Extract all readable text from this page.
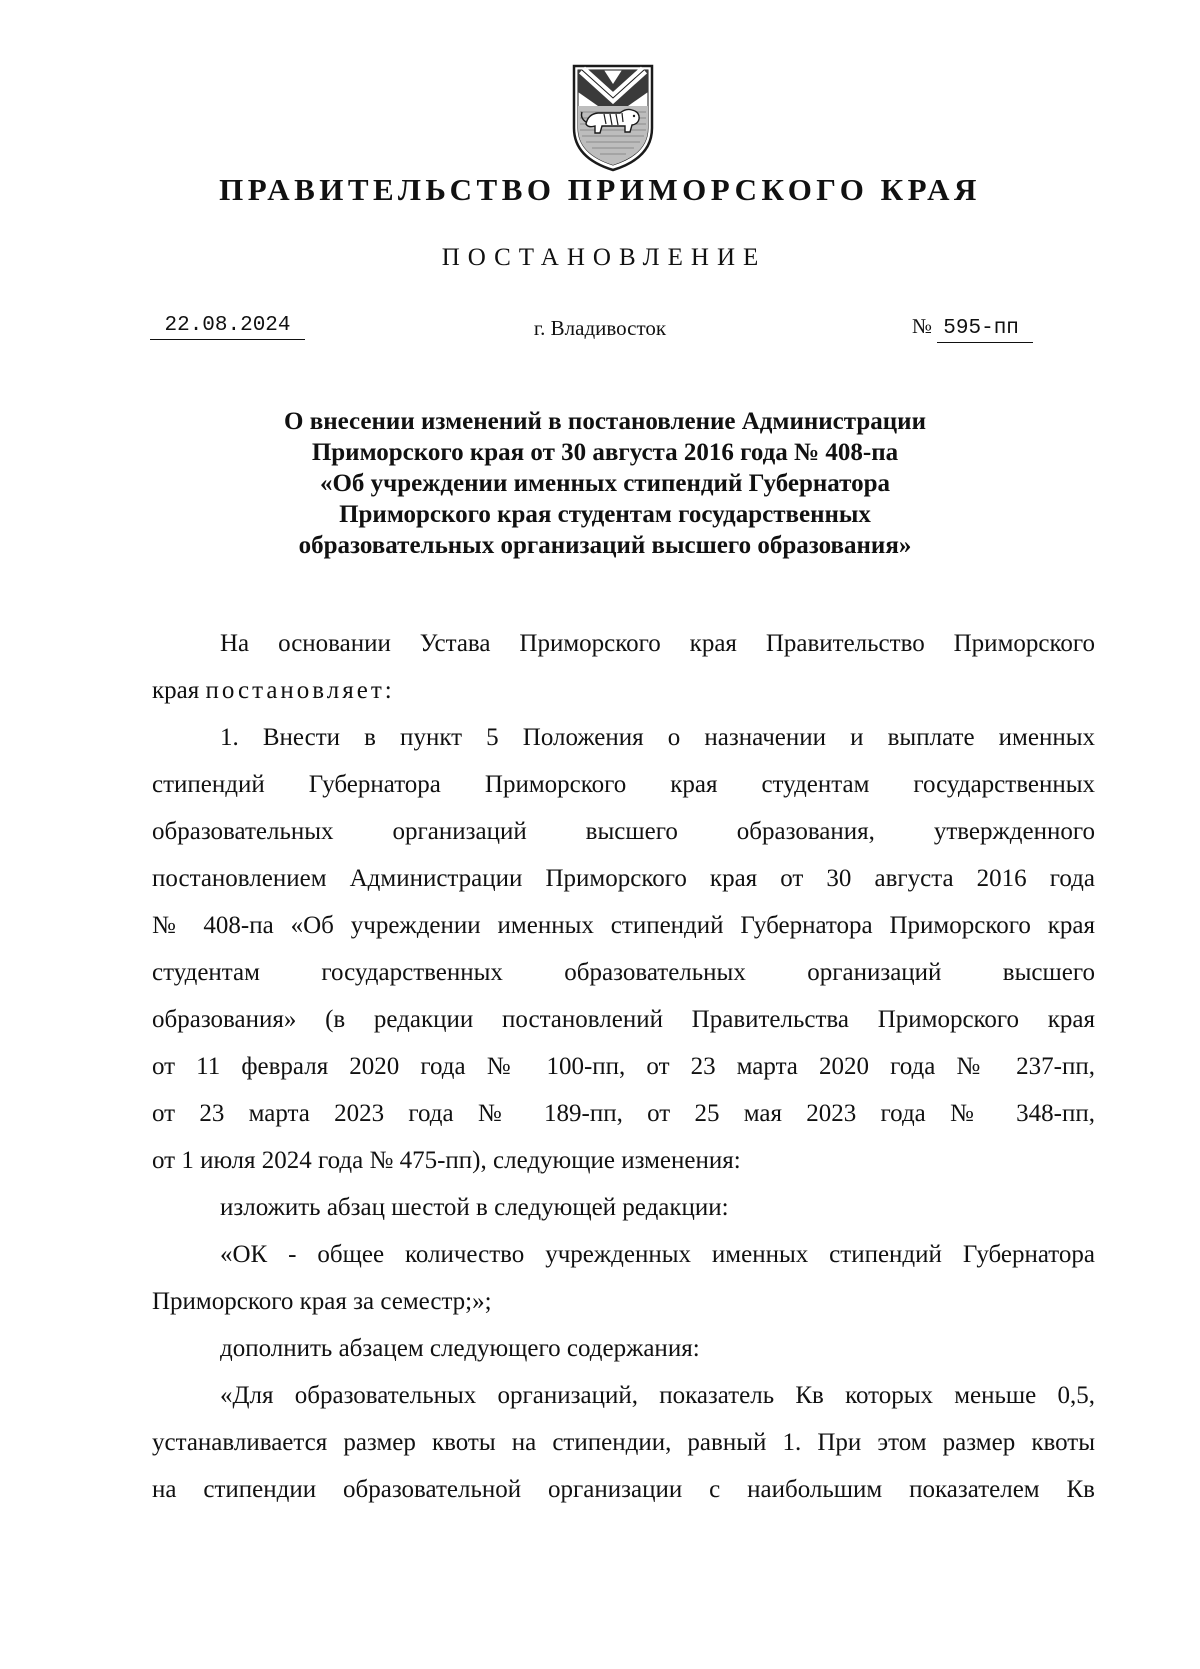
ПРАВИТЕЛЬСТВО ПРИМОРСКОГО КРАЯ
ПОСТАНОВЛЕНИЕ
22.08.2024	г. Владивосток	№ 595-пп
О внесении изменений в постановление Администрации
Приморского края от 30 августа 2016 года № 408-па
«Об учреждении именных стипендий Губернатора
Приморского края студентам государственных
образовательных организаций высшего образования»
На основании Устава Приморского края Правительство Приморского
края постановляет:
1. Внести в пункт 5 Положения о назначении и выплате именных
стипендий Губернатора Приморского края студентам государственных
образовательных организаций высшего образования, утвержденного
постановлением Администрации Приморского края от 30 августа 2016 года
№ 408-па «Об учреждении именных стипендий Губернатора Приморского края
студентам государственных образовательных организаций высшего
образования» (в редакции постановлений Правительства Приморского края
от 11 февраля 2020 года № 100-пп, от 23 марта 2020 года № 237-пп,
от 23 марта 2023 года № 189-пп, от 25 мая 2023 года № 348-пп,
от 1 июля 2024 года № 475-пп), следующие изменения:
изложить абзац шестой в следующей редакции:
«ОК - общее количество учрежденных именных стипендий Губернатора
Приморского края за семестр;»;
дополнить абзацем следующего содержания:
«Для образовательных организаций, показатель Кв которых меньше 0,5,
устанавливается размер квоты на стипендии, равный 1. При этом размер квоты
на стипендии образовательной организации с наибольшим показателем Кв
